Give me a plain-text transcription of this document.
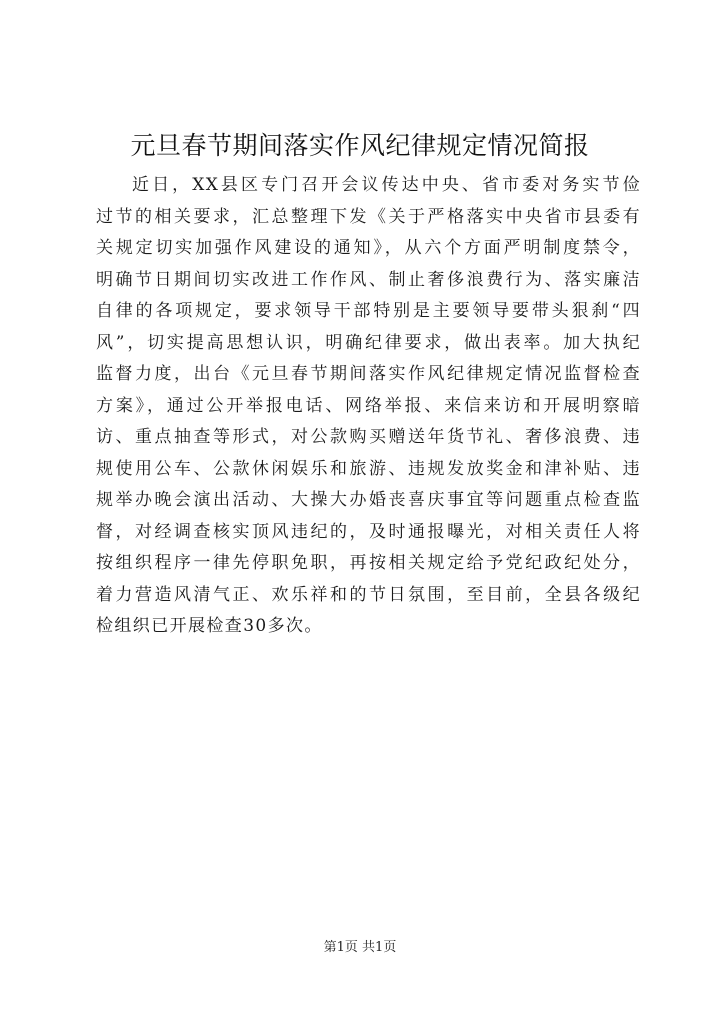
元旦春节期间落实作风纪律规定情况简报
近日，XX县区专门召开会议传达中央、省市委对务实节俭
过节的相关要求，汇总整理下发《关于严格落实中央省市县委有
关规定切实加强作风建设的通知》，从六个方面严明制度禁令，
明确节日期间切实改进工作作风、制止奢侈浪费行为、落实廉洁
自律的各项规定，要求领导干部特别是主要领导要带头狠刹“四
风”，切实提高思想认识，明确纪律要求，做出表率。加大执纪
监督力度，出台《元旦春节期间落实作风纪律规定情况监督检查
方案》，通过公开举报电话、网络举报、来信来访和开展明察暗
访、重点抽查等形式，对公款购买赠送年货节礼、奢侈浪费、违
规使用公车、公款休闲娱乐和旅游、违规发放奖金和津补贴、违
规举办晚会演出活动、大操大办婚丧喜庆事宜等问题重点检查监
督，对经调查核实顶风违纪的，及时通报曝光，对相关责任人将
按组织程序一律先停职免职，再按相关规定给予党纪政纪处分，
着力营造风清气正、欢乐祥和的节日氛围，至目前，全县各级纪
检组织已开展检查30多次。
第1页 共1页
